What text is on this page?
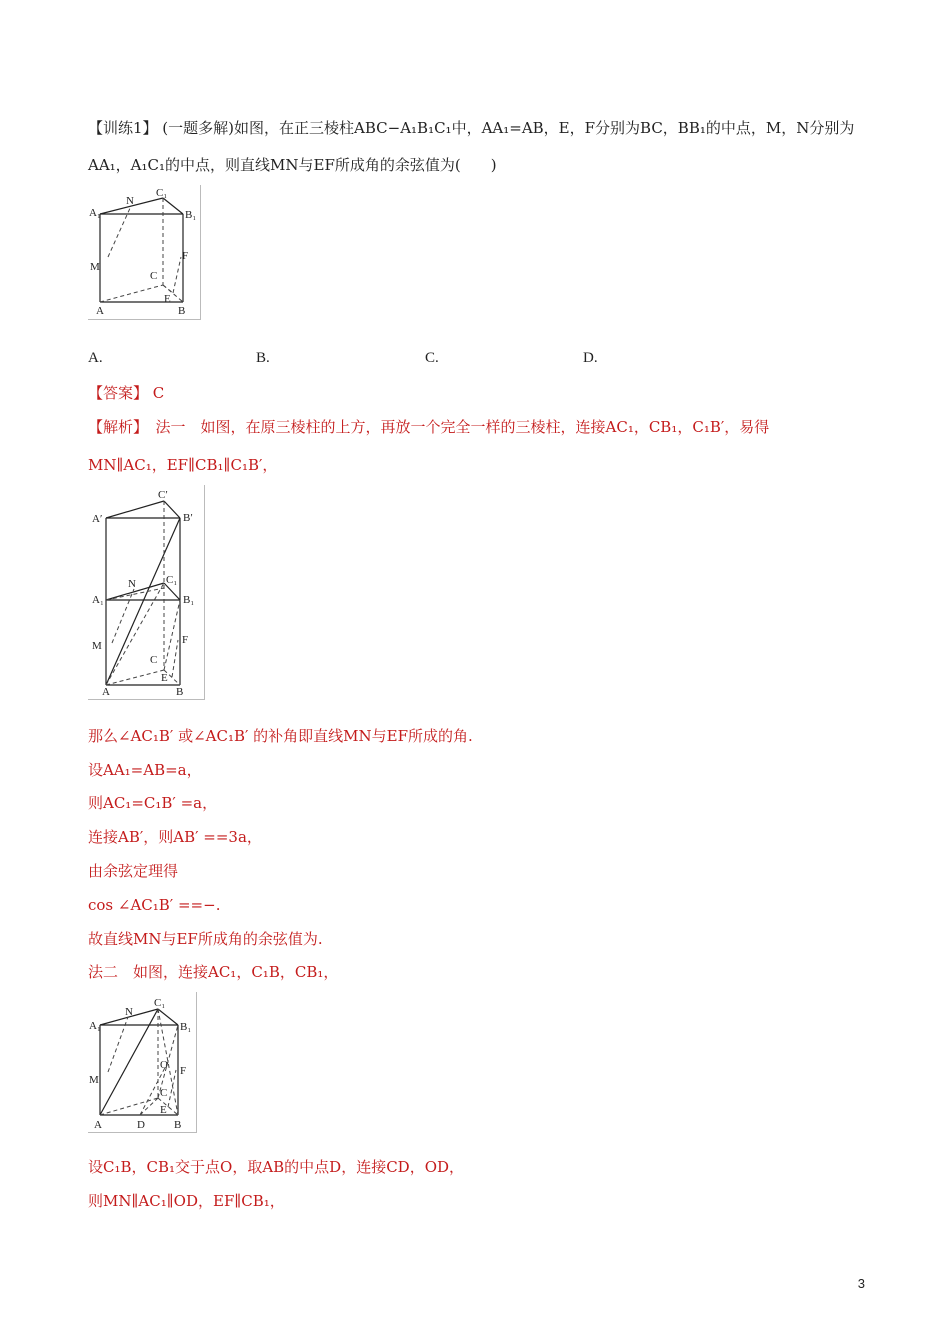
【训练1】 (一题多解)如图，在正三棱柱ABC−A₁B₁C₁中，AA₁=AB，E，F分别为BC，BB₁的中点，M，N分别为
AA₁，A₁C₁的中点，则直线MN与EF所成角的余弦值为(　　)
A₁
C₁
B₁
N
M
F
C
E
A	B
A.	B.	C.	D.
【答案】 C
【解析】　法一　如图，在原三棱柱的上方，再放一个完全一样的三棱柱，连接AC₁，CB₁，C₁B′，易得
MN∥AC₁，EF∥CB₁∥C₁B′，
C′
A′	B′
N	C₁
A₁	B₁
F
M
C
E
A	B
那么∠AC₁B′ 或∠AC₁B′ 的补角即直线MN与EF所成的角.
设AA₁=AB=a，
则AC₁=C₁B′ =a，
连接AB′，则AB′ ==3a，
由余弦定理得
cos ∠AC₁B′ ==−.
故直线MN与EF所成角的余弦值为.
法二　如图，连接AC₁，C₁B，CB₁，
C₁
N
A₁	B₁
O F
M
C
E
A	D	B
设C₁B，CB₁交于点O，取AB的中点D，连接CD，OD，
则MN∥AC₁∥OD，EF∥CB₁，
3
